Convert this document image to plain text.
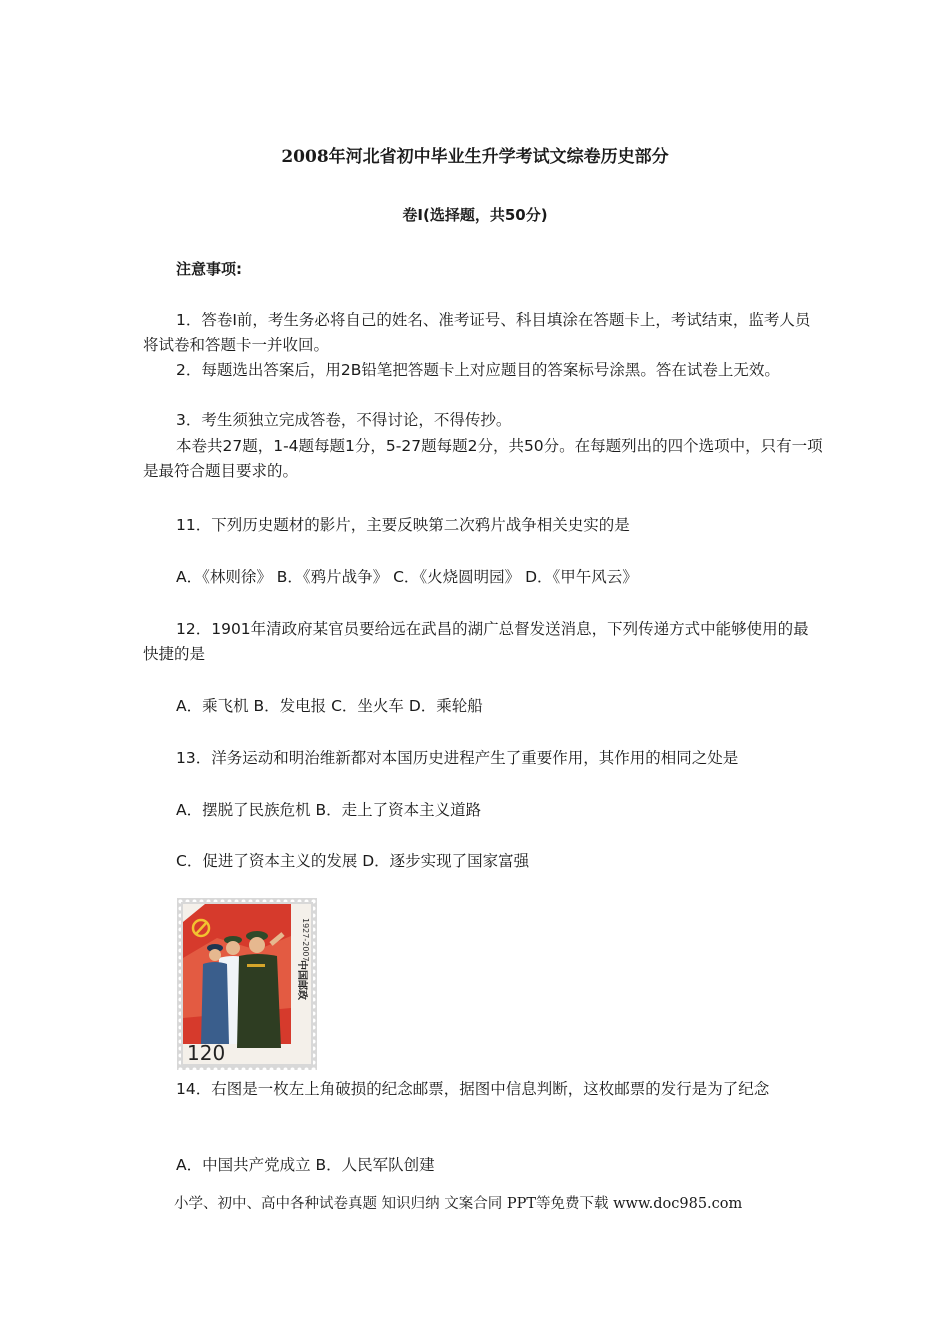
2008年河北省初中毕业生升学考试文综卷历史部分
卷Ⅰ(选择题，共50分)
注意事项:

1．答卷Ⅰ前，考生务必将自己的姓名、准考证号、科目填涂在答题卡上，考试结束，监考人员将试卷和答题卡一并收回。

2．每题选出答案后，用2B铅笔把答题卡上对应题目的答案标号涂黑。答在试卷上无效。

3．考生须独立完成答卷，不得讨论，不得传抄。

本卷共27题，1-4题每题1分，5-27题每题2分，共50分。在每题列出的四个选项中，只有一项是最符合题目要求的。

11．下列历史题材的影片，主要反映第二次鸦片战争相关史实的是
A．《林则徐》 B．《鸦片战争》 C．《火烧圆明园》 D．《甲午风云》

12．1901年清政府某官员要给远在武昌的湖广总督发送消息，下列传递方式中能够使用的最快捷的是

A．乘飞机 B．发电报 C．坐火车 D．乘轮船
13．洋务运动和明治维新都对本国历史进程产生了重要作用，其作用的相同之处是
A．摆脱了民族危机 B．走上了资本主义道路
C．促进了资本主义的发展 D．逐步实现了国家富强
1927-2007
中国邮政
120

14．右图是一枚左上角破损的纪念邮票，据图中信息判断，这枚邮票的发行是为了纪念

A．中国共产党成立 B．人民军队创建
小学、初中、高中各种试卷真题 知识归纳 文案合同 PPT等免费下载 www.doc985.com
